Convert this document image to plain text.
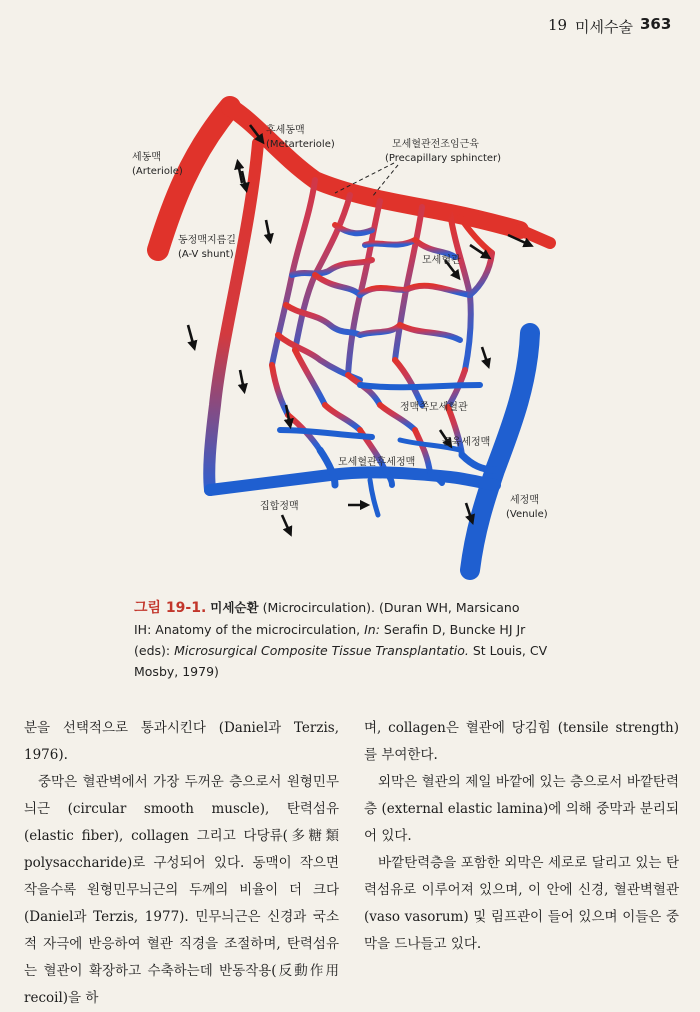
19 미세수술 363
후세동맥
(Metarteriole)	모세혈관전조임근육
(Precapillary sphincter)
세동맥
(Arteriole)
동정맥지름길
(A-V shunt)
모세혈관
정맥쪽모세혈관
근육세정맥
모세혈관후세정맥
집합정맥
세정맥
(Venule)
그림 19-1. 미세순환 (Microcirculation). (Duran WH, Marsicano
IH: Anatomy of the microcirculation, In: Serafin D, Buncke HJ Jr
(eds): Microsurgical Composite Tissue Transplantatio. St Louis, CV
Mosby, 1979)

분을 선택적으로 통과시킨다 (Daniel과 Terzis, 1976).

중막은 혈관벽에서 가장 두꺼운 층으로서 원형민무늬근 (circular smooth muscle), 탄력섬유 (elastic fiber), collagen 그리고 다당류(多糖類 polysaccharide)로 구성되어 있다. 동맥이 작으면 작을수록 원형민무늬근의 두께의 비율이 더 크다 (Daniel과 Terzis, 1977). 민무늬근은 신경과 국소적 자극에 반응하여 혈관 직경을 조절하며, 탄력섬유는 혈관이 확장하고 수축하는데 반동작용(反動作用 recoil)을 하

며, collagen은 혈관에 당김힘 (tensile strength)를 부여한다.

외막은 혈관의 제일 바깥에 있는 층으로서 바깥탄력층 (external elastic lamina)에 의해 중막과 분리되어 있다.

바깥탄력층을 포함한 외막은 세로로 달리고 있는 탄력섬유로 이루어져 있으며, 이 안에 신경, 혈관벽혈관 (vaso vasorum) 및 림프관이 들어 있으며 이들은 중막을 드나들고 있다.
